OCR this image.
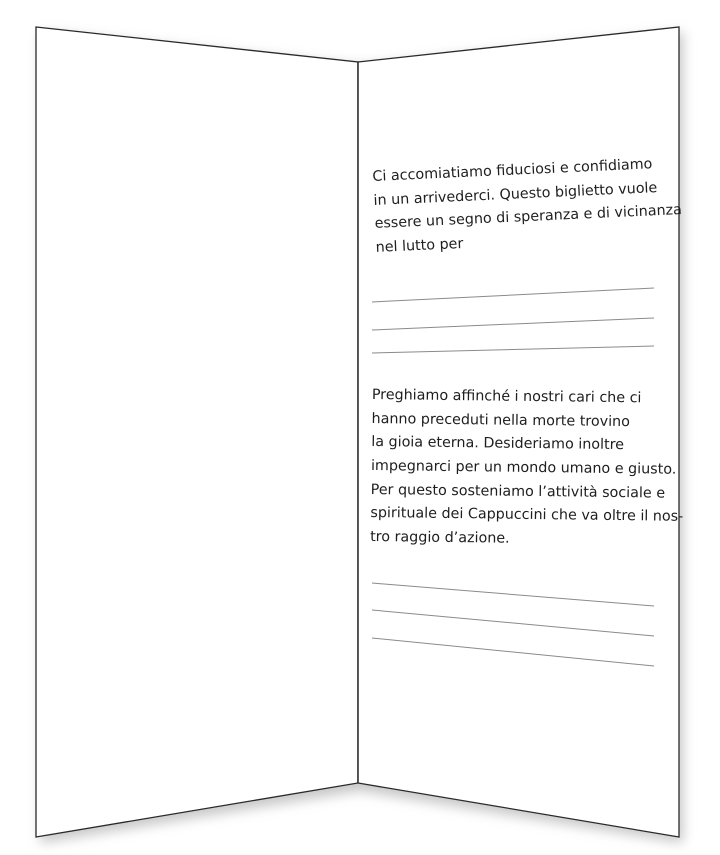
Ci accomiatiamo fiduciosi e confidiamo
in un arrivederci. Questo biglietto vuole
essere un segno di speranza e di vicinanza
nel lutto per
Preghiamo affinché i nostri cari che ci
hanno preceduti nella morte trovino
la gioia eterna. Desideriamo inoltre
impegnarci per un mondo umano e giusto.
Per questo sosteniamo l’attività sociale e
spirituale dei Cappuccini che va oltre il nos-
tro raggio d’azione.
